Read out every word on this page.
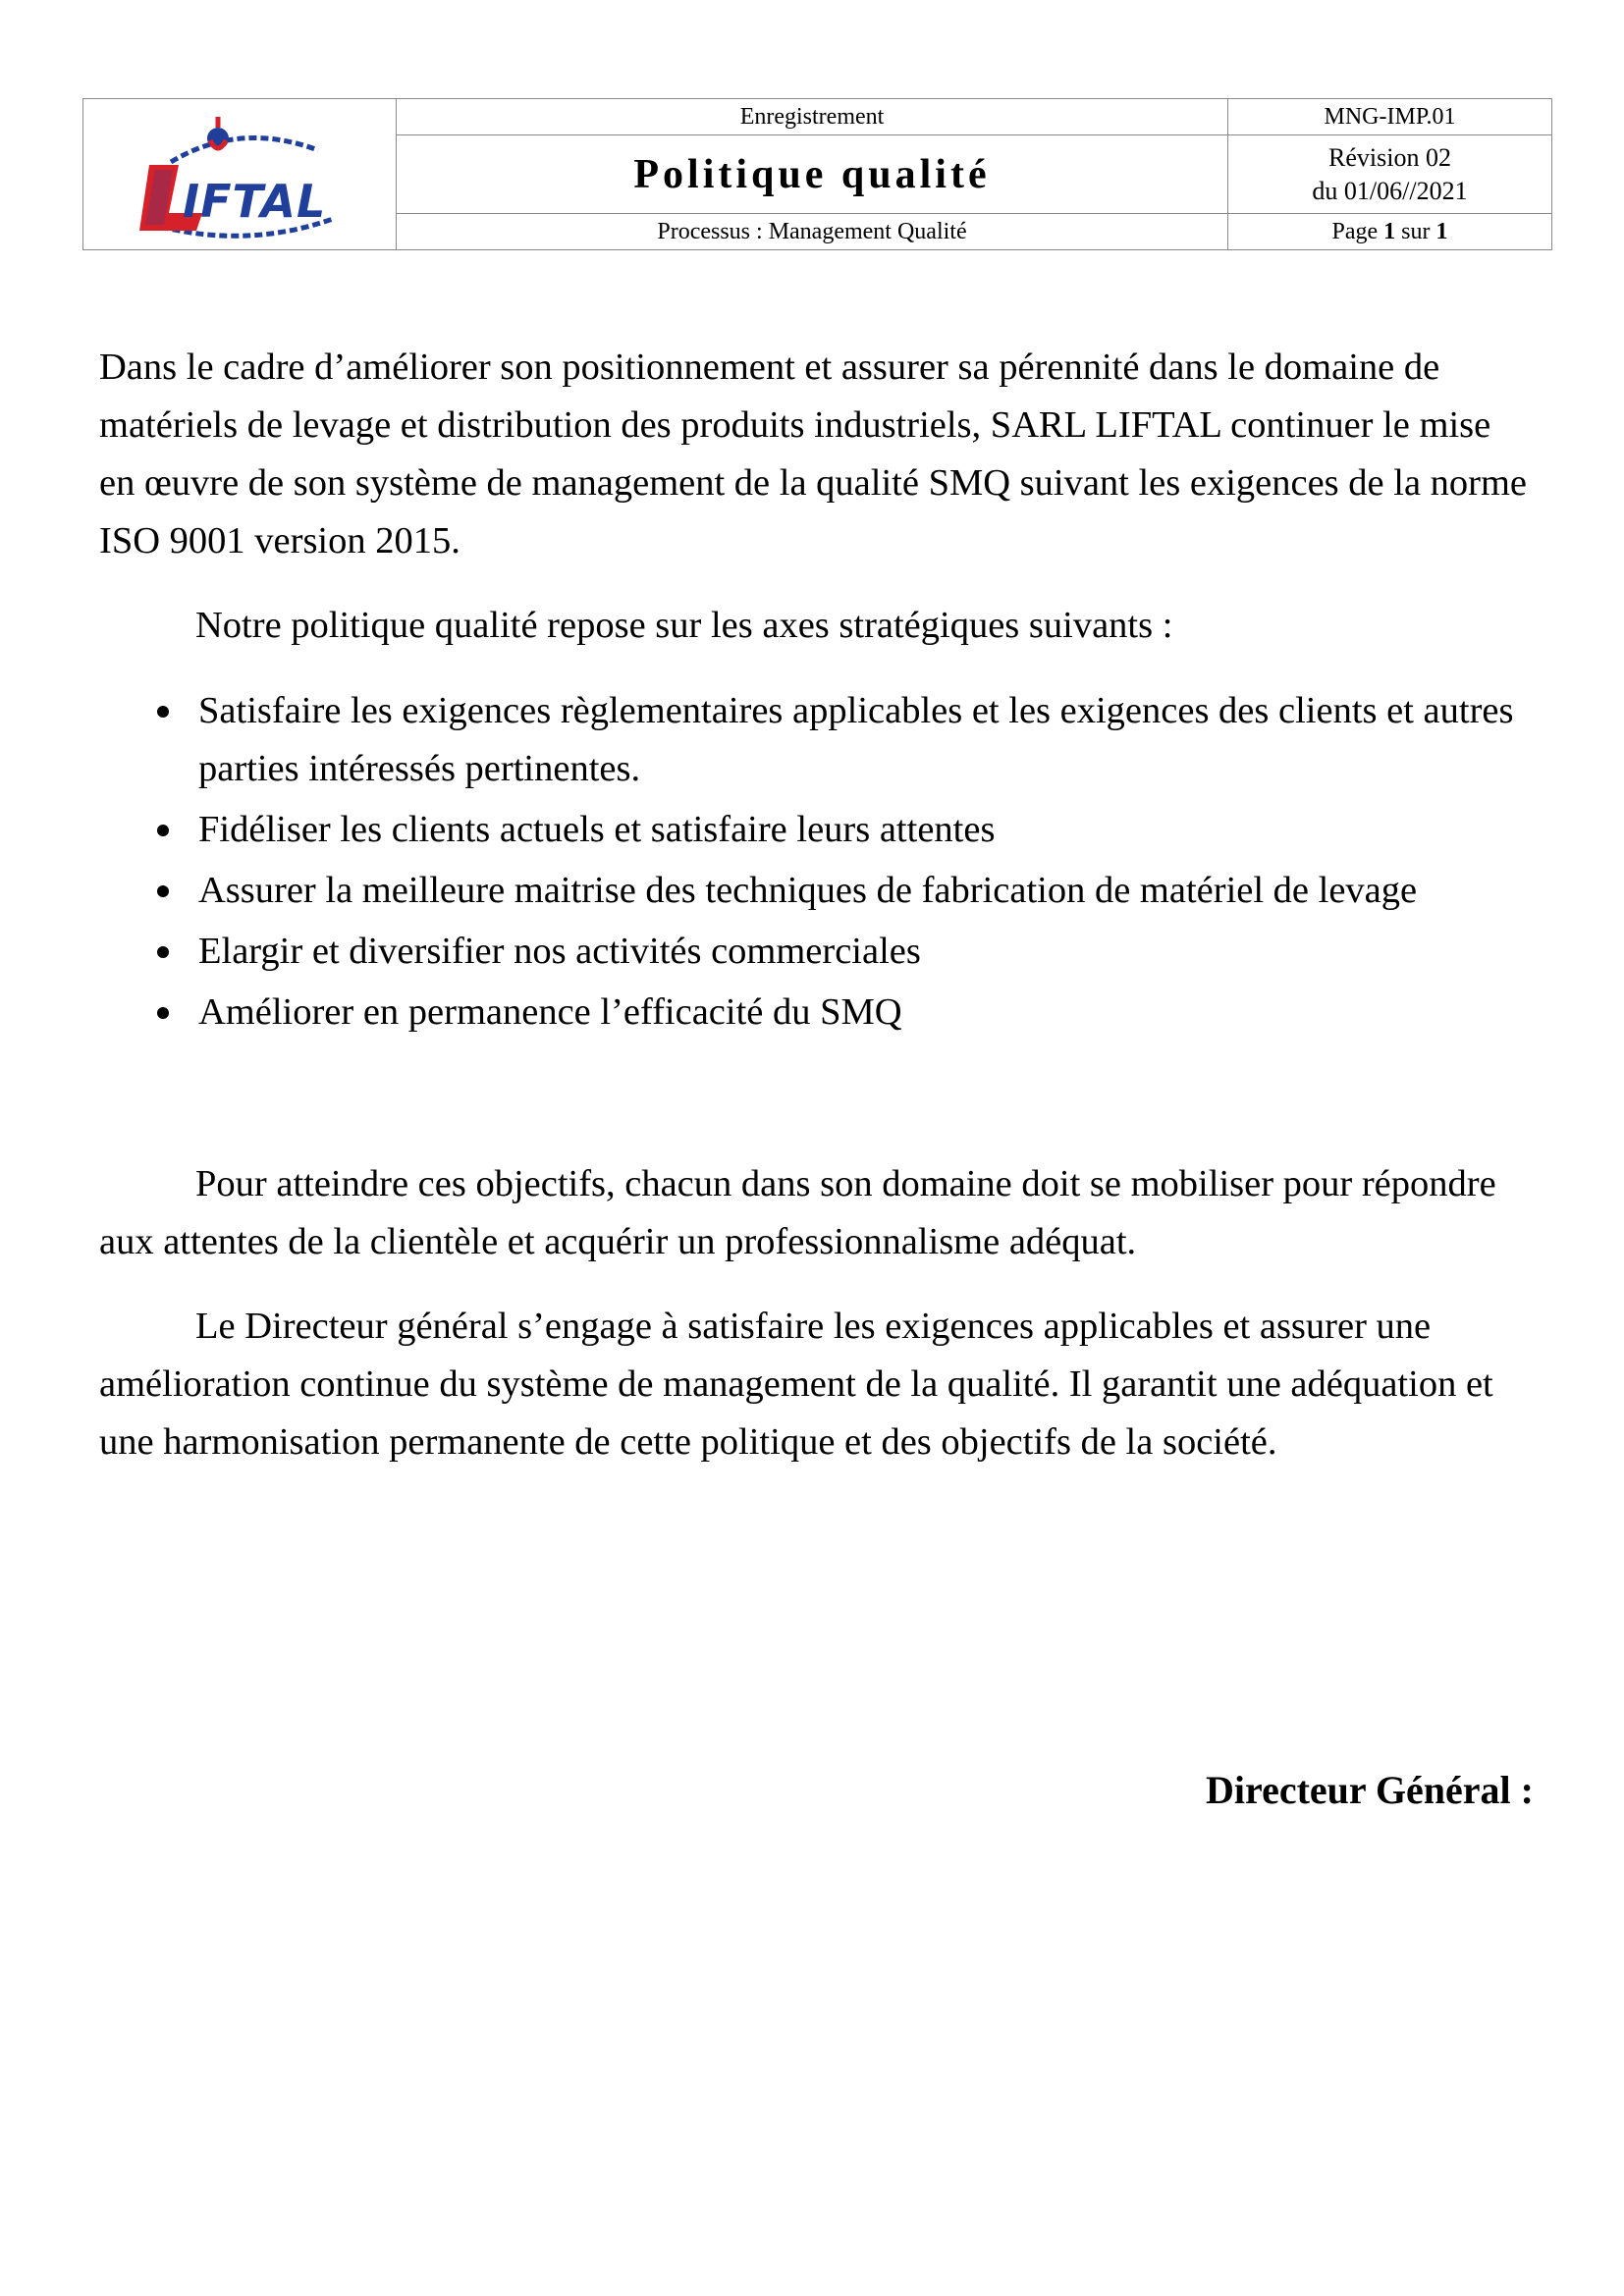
IFTAL	Enregistrement	MNG-IMP.01
	Politique qualité	Révision 02
du 01/06//2021

	Processus : Management Qualité	Page 1 sur 1

Dans le cadre d’améliorer son positionnement et assurer sa pérennité dans le domaine de matériels de levage et distribution des produits industriels, SARL LIFTAL continuer le mise en œuvre de son système de management de la qualité SMQ suivant les exigences de la norme ISO 9001 version 2015.

Notre politique qualité repose sur les axes stratégiques suivants :

Satisfaire les exigences règlementaires applicables et les exigences des clients et autres parties intéressés pertinentes.
Fidéliser les clients actuels et satisfaire leurs attentes
Assurer la meilleure maitrise des techniques de fabrication de matériel de levage
Elargir et diversifier nos activités commerciales
Améliorer en permanence l’efficacité du SMQ

Pour atteindre ces objectifs, chacun dans son domaine doit se mobiliser pour répondre aux attentes de la clientèle et acquérir un professionnalisme adéquat.

Le Directeur général s’engage à satisfaire les exigences applicables et assurer une amélioration continue du système de management de la qualité. Il garantit une adéquation et une harmonisation permanente de cette politique et des objectifs de la société.

Directeur Général :
